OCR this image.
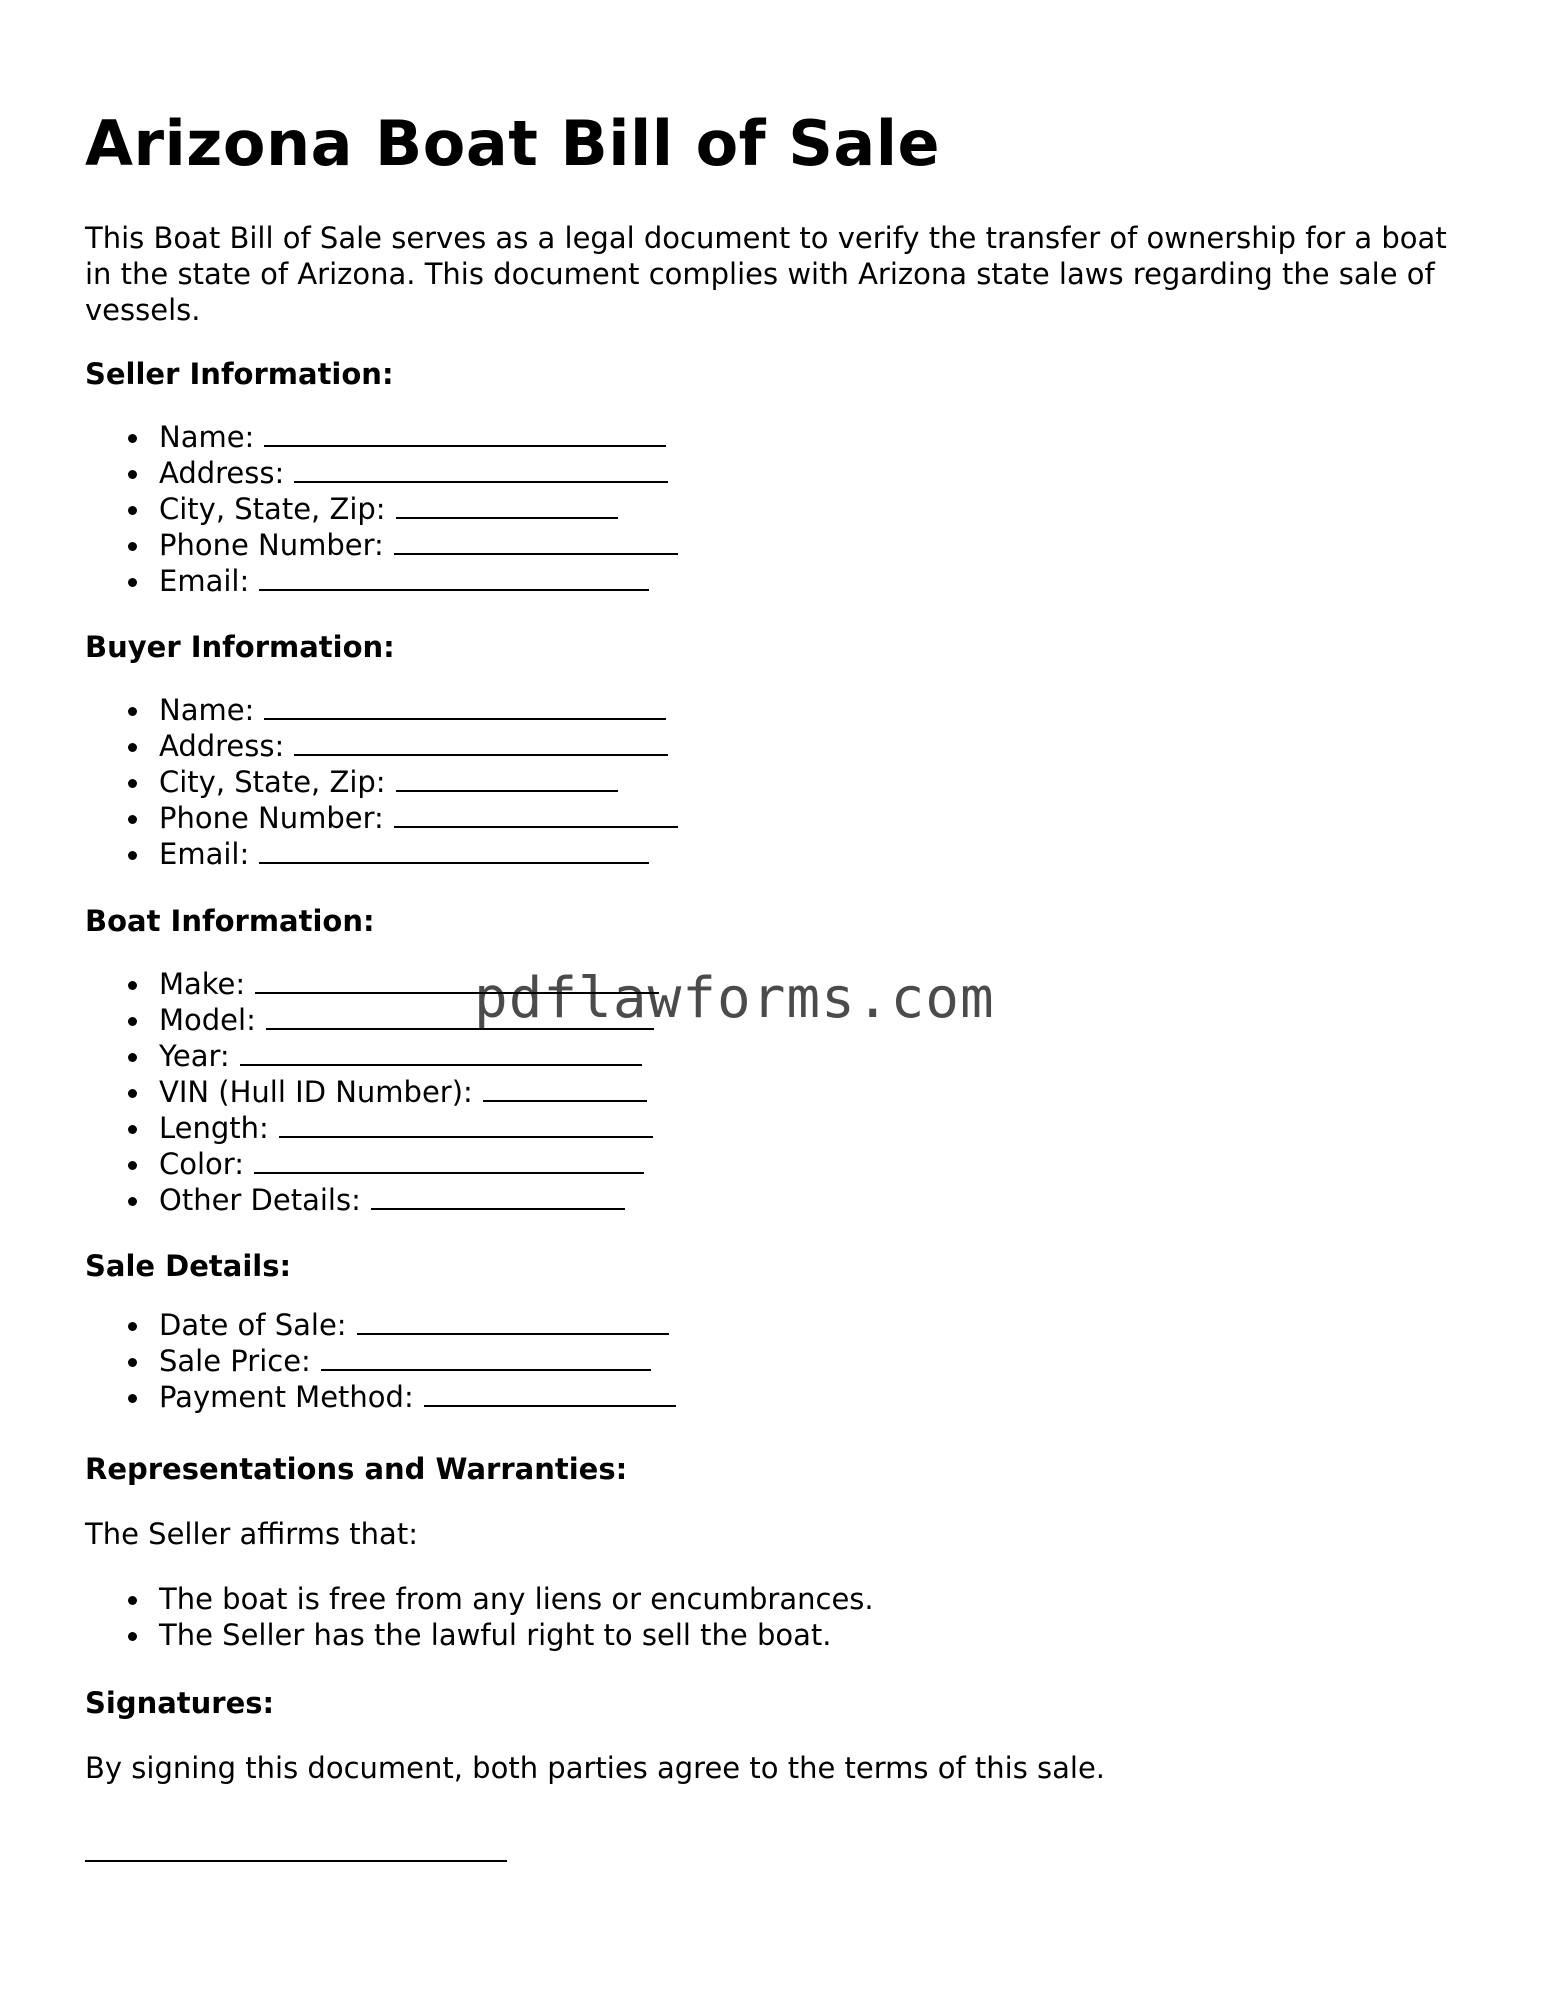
Arizona Boat Bill of Sale

This Boat Bill of Sale serves as a legal document to verify the transfer of ownership for a boat in the state of Arizona. This document complies with Arizona state laws regarding the sale of vessels.

Seller Information:

Name:
Address:
City, State, Zip:
Phone Number:
Email:

Buyer Information:

Name:
Address:
City, State, Zip:
Phone Number:
Email:

Boat Information:

Make:
Model:
Year:
VIN (Hull ID Number):
Length:
Color:
Other Details:

Sale Details:

Date of Sale:
Sale Price:
Payment Method:

Representations and Warranties:

The Seller affirms that:

The boat is free from any liens or encumbrances.
The Seller has the lawful right to sell the boat.

Signatures:

By signing this document, both parties agree to the terms of this sale.

pdflawforms.com
